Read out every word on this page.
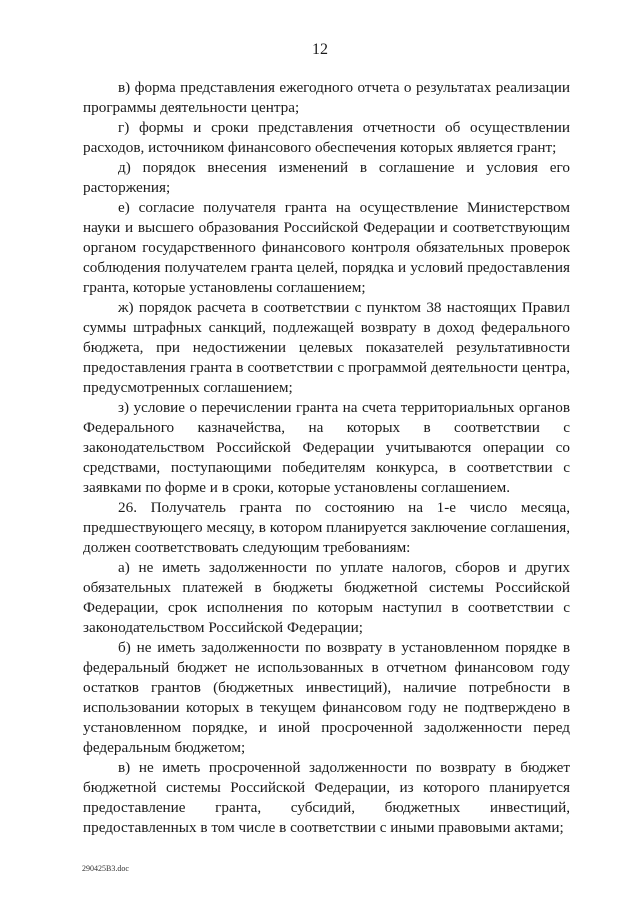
12

в) форма представления ежегодного отчета о результатах реализации программы деятельности центра;

г) формы и сроки представления отчетности об осуществлении расходов, источником финансового обеспечения которых является грант;

д) порядок внесения изменений в соглашение и условия его расторжения;

е) согласие получателя гранта на осуществление Министерством науки и высшего образования Российской Федерации и соответствующим органом государственного финансового контроля обязательных проверок соблюдения получателем гранта целей, порядка и условий предоставления гранта, которые установлены соглашением;

ж) порядок расчета в соответствии с пунктом 38 настоящих Правил суммы штрафных санкций, подлежащей возврату в доход федерального бюджета, при недостижении целевых показателей результативности предоставления гранта в соответствии с программой деятельности центра, предусмотренных соглашением;

з) условие о перечислении гранта на счета территориальных органов Федерального казначейства, на которых в соответствии с законодательством Российской Федерации учитываются операции со средствами, поступающими победителям конкурса, в соответствии с заявками по форме и в сроки, которые установлены соглашением.

26. Получатель гранта по состоянию на 1-е число месяца, предшествующего месяцу, в котором планируется заключение соглашения, должен соответствовать следующим требованиям:

а) не иметь задолженности по уплате налогов, сборов и других обязательных платежей в бюджеты бюджетной системы Российской Федерации, срок исполнения по которым наступил в соответствии с законодательством Российской Федерации;

б) не иметь задолженности по возврату в установленном порядке в федеральный бюджет не использованных в отчетном финансовом году остатков грантов (бюджетных инвестиций), наличие потребности в использовании которых в текущем финансовом году не подтверждено в установленном порядке, и иной просроченной задолженности перед федеральным бюджетом;

в) не иметь просроченной задолженности по возврату в бюджет бюджетной системы Российской Федерации, из которого планируется предоставление гранта, субсидий, бюджетных инвестиций, предоставленных в том числе в соответствии с иными правовыми актами;

290425В3.doc
